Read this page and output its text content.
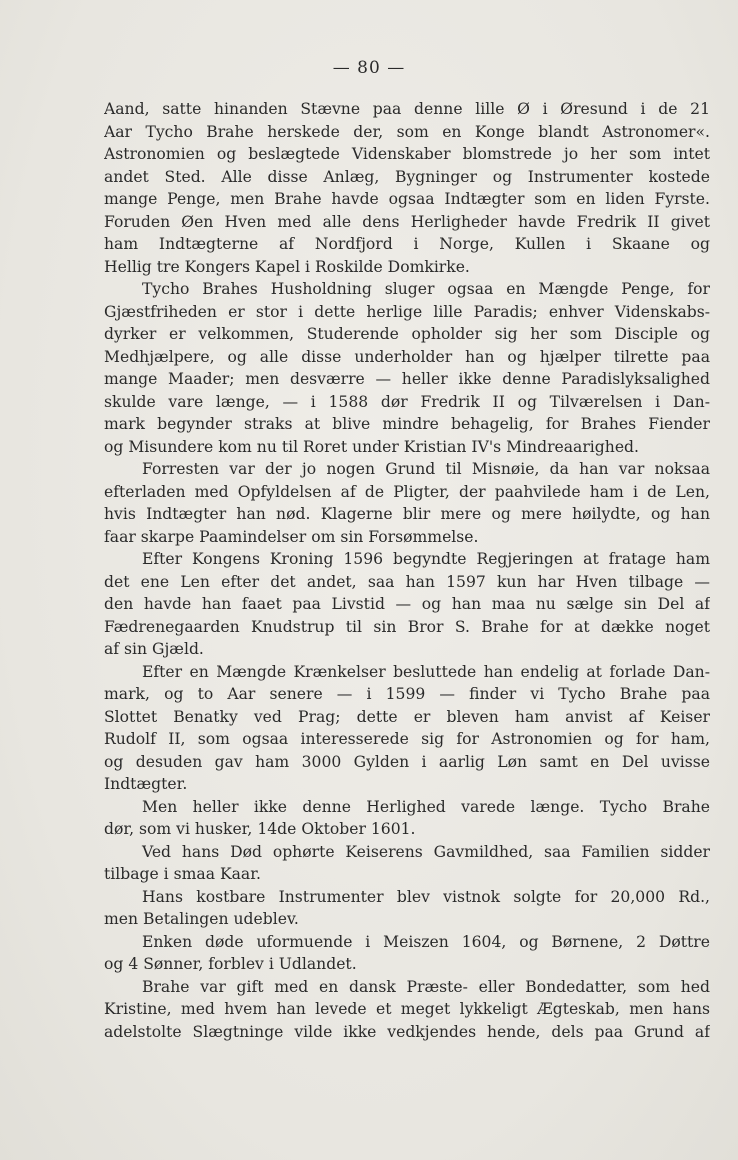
— 80 —
Aand, satte hinanden Stævne paa denne lille Ø i Øresund i de 21
Aar Tycho Brahe herskede der, som en Konge blandt Astronomer«.
Astronomien og beslægtede Videnskaber blomstrede jo her som intet
andet Sted. Alle disse Anlæg, Bygninger og Instrumenter kostede
mange Penge, men Brahe havde ogsaa Indtægter som en liden Fyrste.
Foruden Øen Hven med alle dens Herligheder havde Fredrik II givet
ham Indtægterne af Nordfjord i Norge, Kullen i Skaane og
Hellig tre Kongers Kapel i Roskilde Domkirke.
Tycho Brahes Husholdning sluger ogsaa en Mængde Penge, for
Gjæstfriheden er stor i dette herlige lille Paradis; enhver Videnskabs-
dyrker er velkommen, Studerende opholder sig her som Disciple og
Medhjælpere, og alle disse underholder han og hjælper tilrette paa
mange Maader; men desværre — heller ikke denne Paradislyksalighed
skulde vare længe, — i 1588 dør Fredrik II og Tilværelsen i Dan-
mark begynder straks at blive mindre behagelig, for Brahes Fiender
og Misundere kom nu til Roret under Kristian IV's Mindreaarighed.
Forresten var der jo nogen Grund til Misnøie, da han var noksaa
efterladen med Opfyldelsen af de Pligter, der paahvilede ham i de Len,
hvis Indtægter han nød. Klagerne blir mere og mere høilydte, og han
faar skarpe Paamindelser om sin Forsømmelse.
Efter Kongens Kroning 1596 begyndte Regjeringen at fratage ham
det ene Len efter det andet, saa han 1597 kun har Hven tilbage —
den havde han faaet paa Livstid — og han maa nu sælge sin Del af
Fædrenegaarden Knudstrup til sin Bror S. Brahe for at dække noget
af sin Gjæld.
Efter en Mængde Krænkelser besluttede han endelig at forlade Dan-
mark, og to Aar senere — i 1599 — finder vi Tycho Brahe paa
Slottet Benatky ved Prag; dette er bleven ham anvist af Keiser
Rudolf II, som ogsaa interesserede sig for Astronomien og for ham,
og desuden gav ham 3000 Gylden i aarlig Løn samt en Del uvisse
Indtægter.
Men heller ikke denne Herlighed varede længe. Tycho Brahe
dør, som vi husker, 14de Oktober 1601.
Ved hans Død ophørte Keiserens Gavmildhed, saa Familien sidder
tilbage i smaa Kaar.
Hans kostbare Instrumenter blev vistnok solgte for 20,000 Rd.,
men Betalingen udeblev.
Enken døde uformuende i Meiszen 1604, og Børnene, 2 Døttre
og 4 Sønner, forblev i Udlandet.
Brahe var gift med en dansk Præste- eller Bondedatter, som hed
Kristine, med hvem han levede et meget lykkeligt Ægteskab, men hans
adelstolte Slægtninge vilde ikke vedkjendes hende, dels paa Grund af
